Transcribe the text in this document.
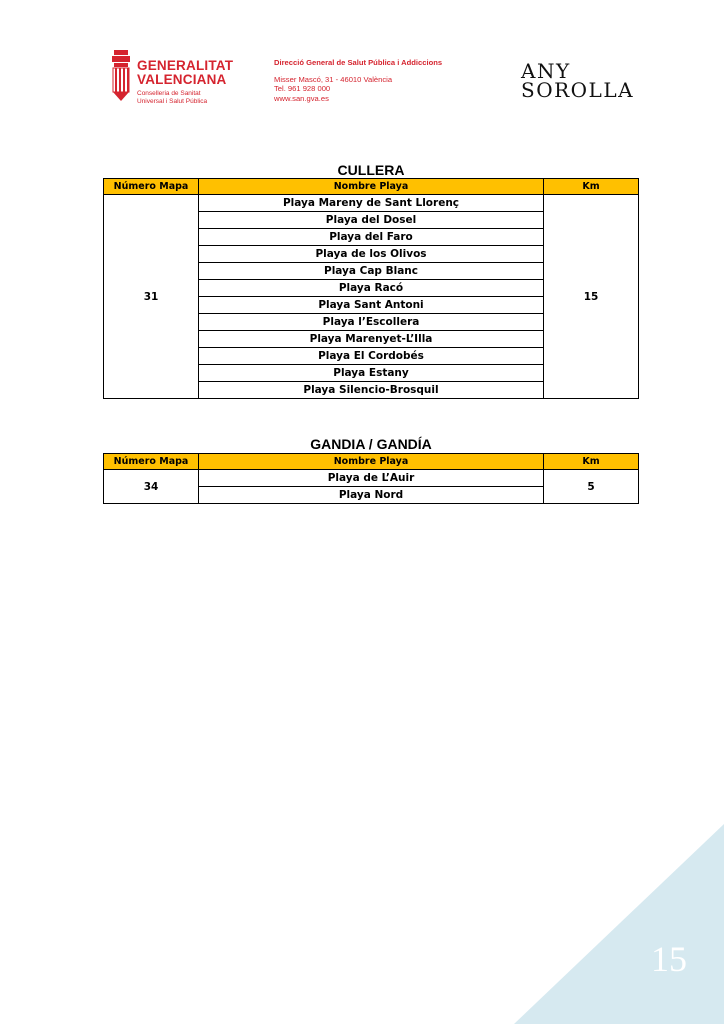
GENERALITAT
VALENCIANA
Conselleria de Sanitat
Universal i Salut Pública
Direcció General de Salut Pública i Addiccions
Misser Mascó, 31 - 46010 València
Tel. 961 928 000
www.san.gva.es
ANY
SOROLLA
CULLERA
Número Mapa	Nombre Playa	Km
31	Playa Mareny de Sant Llorenç	15
	Playa del Dosel	
	Playa del Faro	
	Playa de los Olivos	
	Playa Cap Blanc	
	Playa Racó	
	Playa Sant Antoni	
	Playa l’Escollera	
	Playa Marenyet-L’Illa	
	Playa El Cordobés	
	Playa Estany	
	Playa Silencio-Brosquil	
GANDIA / GANDÍA
Número Mapa	Nombre Playa	Km
34	Playa de L’Auir	5
	Playa Nord	
15
